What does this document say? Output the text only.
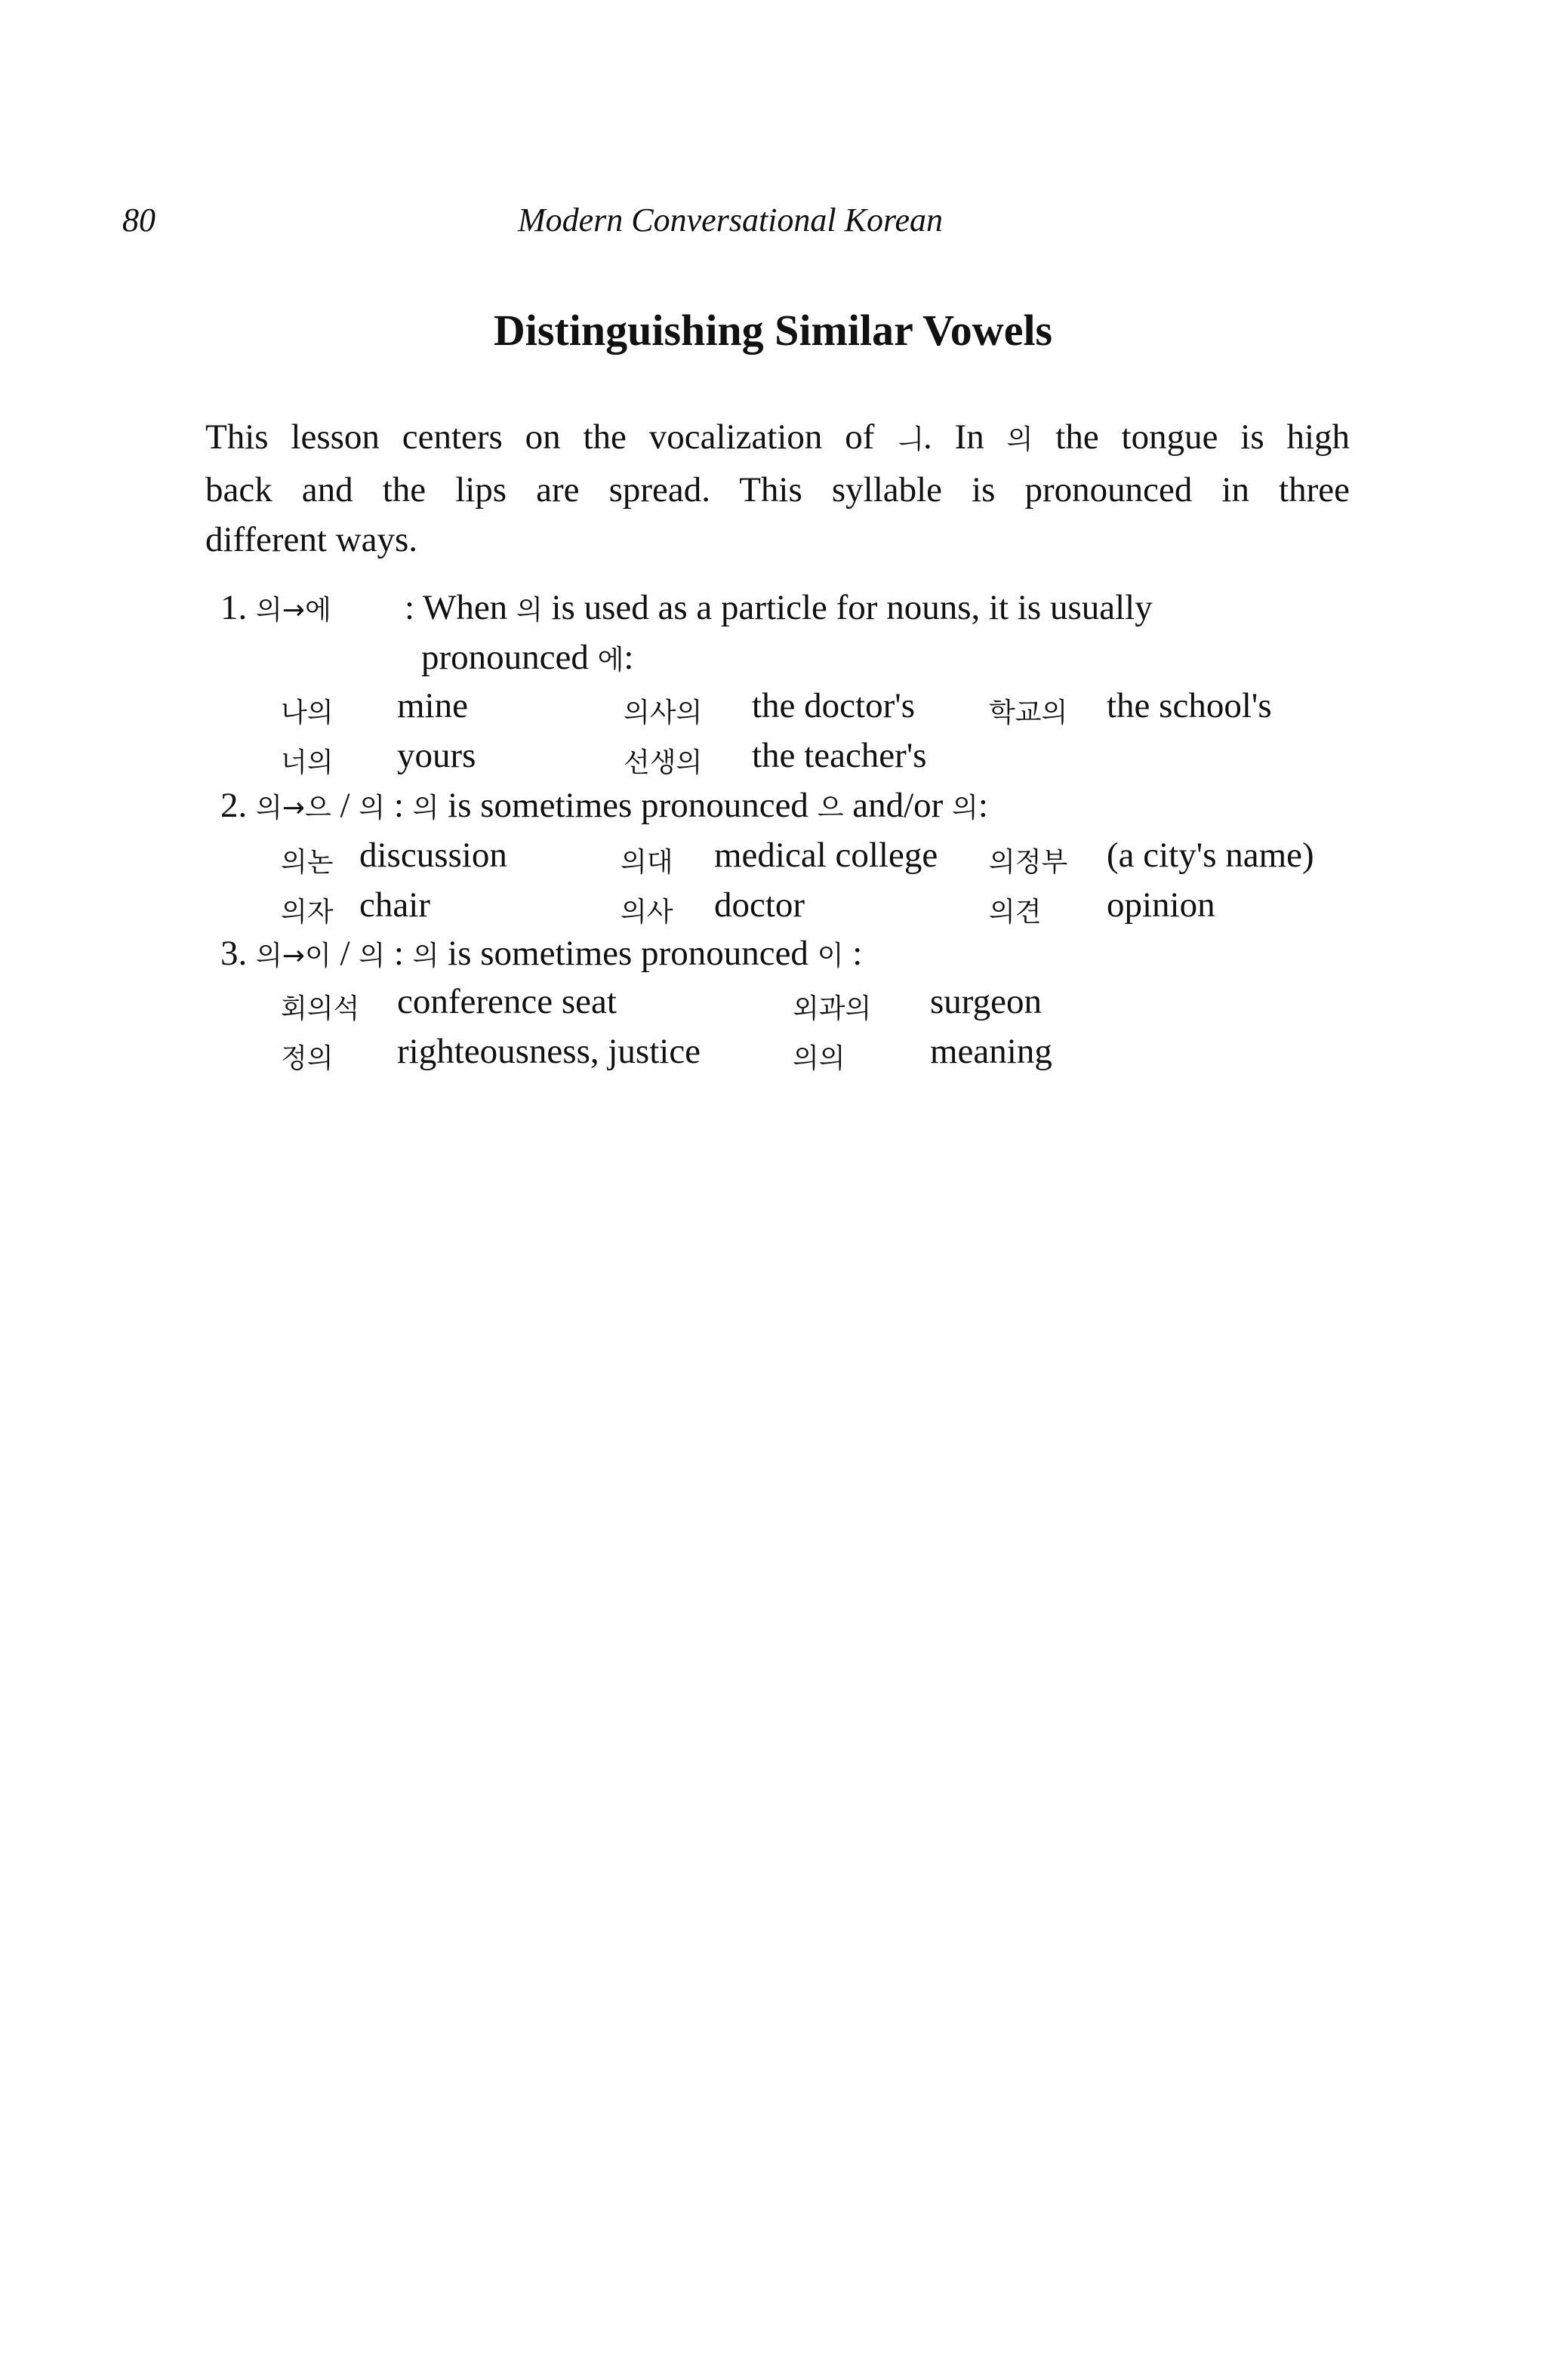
80	Modern Conversational Korean
Distinguishing Similar Vowels
This lesson centers on the vocalization of ㅢ. In 의 the tongue is high
back and the lips are spread. This syllable is pronounced in three
different ways.
1. 의→에 : When 의 is used as a particle for nouns, it is usually
pronounced 에:
나의 mine	의사의 the doctor's	학교의 the school's
너의 yours	선생의 the teacher's
2. 의→으 / 의 : 의 is sometimes pronounced 으 and/or 의:
의논 discussion	의대 medical college 의정부 (a city's name)
의자 chair	의사 doctor	의견 opinion
3. 의→이 / 의 : 의 is sometimes pronounced 이 :
회의석 conference seat	외과의 surgeon
정의 righteousness, justice	의의 meaning
